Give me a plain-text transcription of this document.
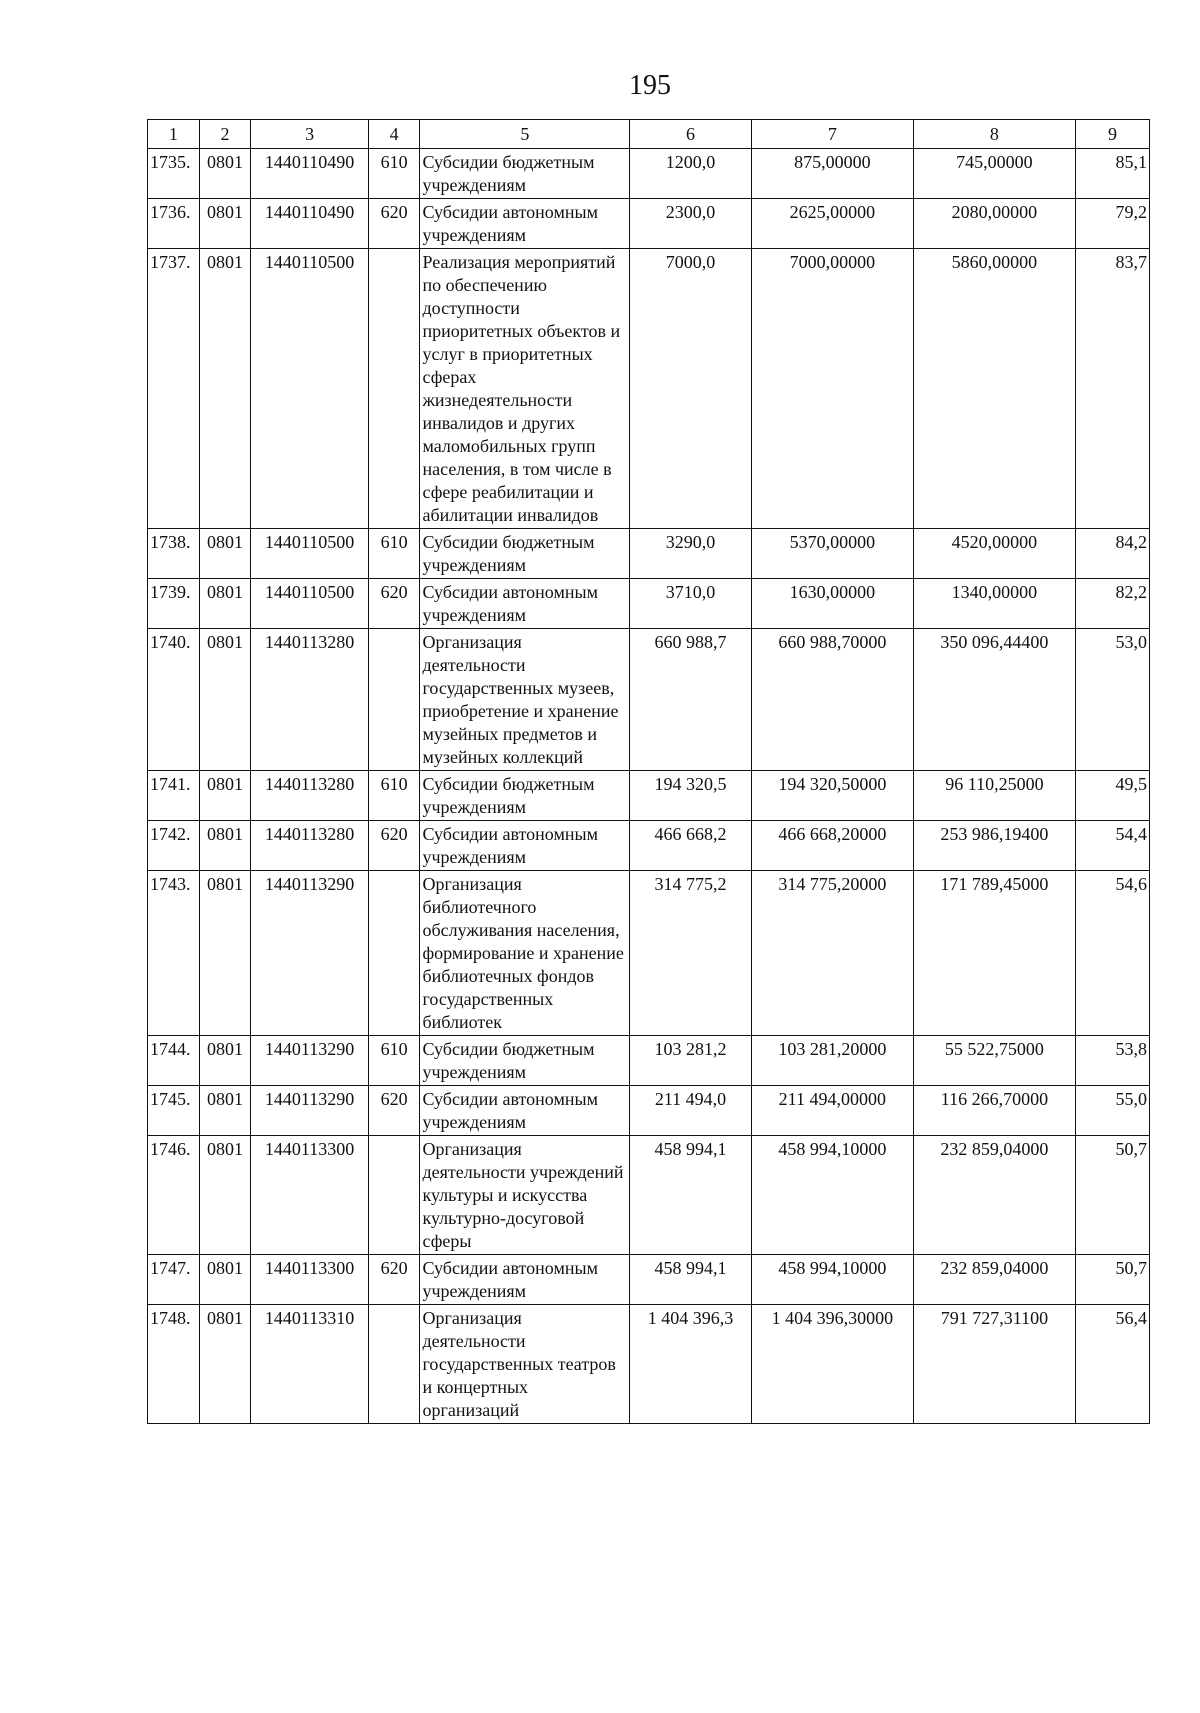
195
1	2	3	4	5	6	7	8	9
1735.	0801	1440110490	610	Субсидии бюджетным учреждениям	1200,0	875,00000	745,00000	85,1
1736.	0801	1440110490	620	Субсидии автономным учреждениям	2300,0	2625,00000	2080,00000	79,2
1737.	0801	1440110500		Реализация мероприятий по обеспечению доступности приоритетных объектов и услуг в приоритетных сферах жизнедеятельности инвалидов и других маломобильных групп населения, в том числе в сфере реабилитации и абилитации инвалидов	7000,0	7000,00000	5860,00000	83,7
1738.	0801	1440110500	610	Субсидии бюджетным учреждениям	3290,0	5370,00000	4520,00000	84,2
1739.	0801	1440110500	620	Субсидии автономным учреждениям	3710,0	1630,00000	1340,00000	82,2
1740.	0801	1440113280		Организация деятельности государственных музеев, приобретение и хранение музейных предметов и музейных коллекций	660 988,7	660 988,70000	350 096,44400	53,0
1741.	0801	1440113280	610	Субсидии бюджетным учреждениям	194 320,5	194 320,50000	96 110,25000	49,5
1742.	0801	1440113280	620	Субсидии автономным учреждениям	466 668,2	466 668,20000	253 986,19400	54,4
1743.	0801	1440113290		Организация библиотечного обслуживания населения, формирование и хранение библиотечных фондов государственных библиотек	314 775,2	314 775,20000	171 789,45000	54,6
1744.	0801	1440113290	610	Субсидии бюджетным учреждениям	103 281,2	103 281,20000	55 522,75000	53,8
1745.	0801	1440113290	620	Субсидии автономным учреждениям	211 494,0	211 494,00000	116 266,70000	55,0
1746.	0801	1440113300		Организация деятельности учреждений культуры и искусства культурно-досуговой сферы	458 994,1	458 994,10000	232 859,04000	50,7
1747.	0801	1440113300	620	Субсидии автономным учреждениям	458 994,1	458 994,10000	232 859,04000	50,7
1748.	0801	1440113310		Организация деятельности государственных театров и концертных организаций	1 404 396,3	1 404 396,30000	791 727,31100	56,4
